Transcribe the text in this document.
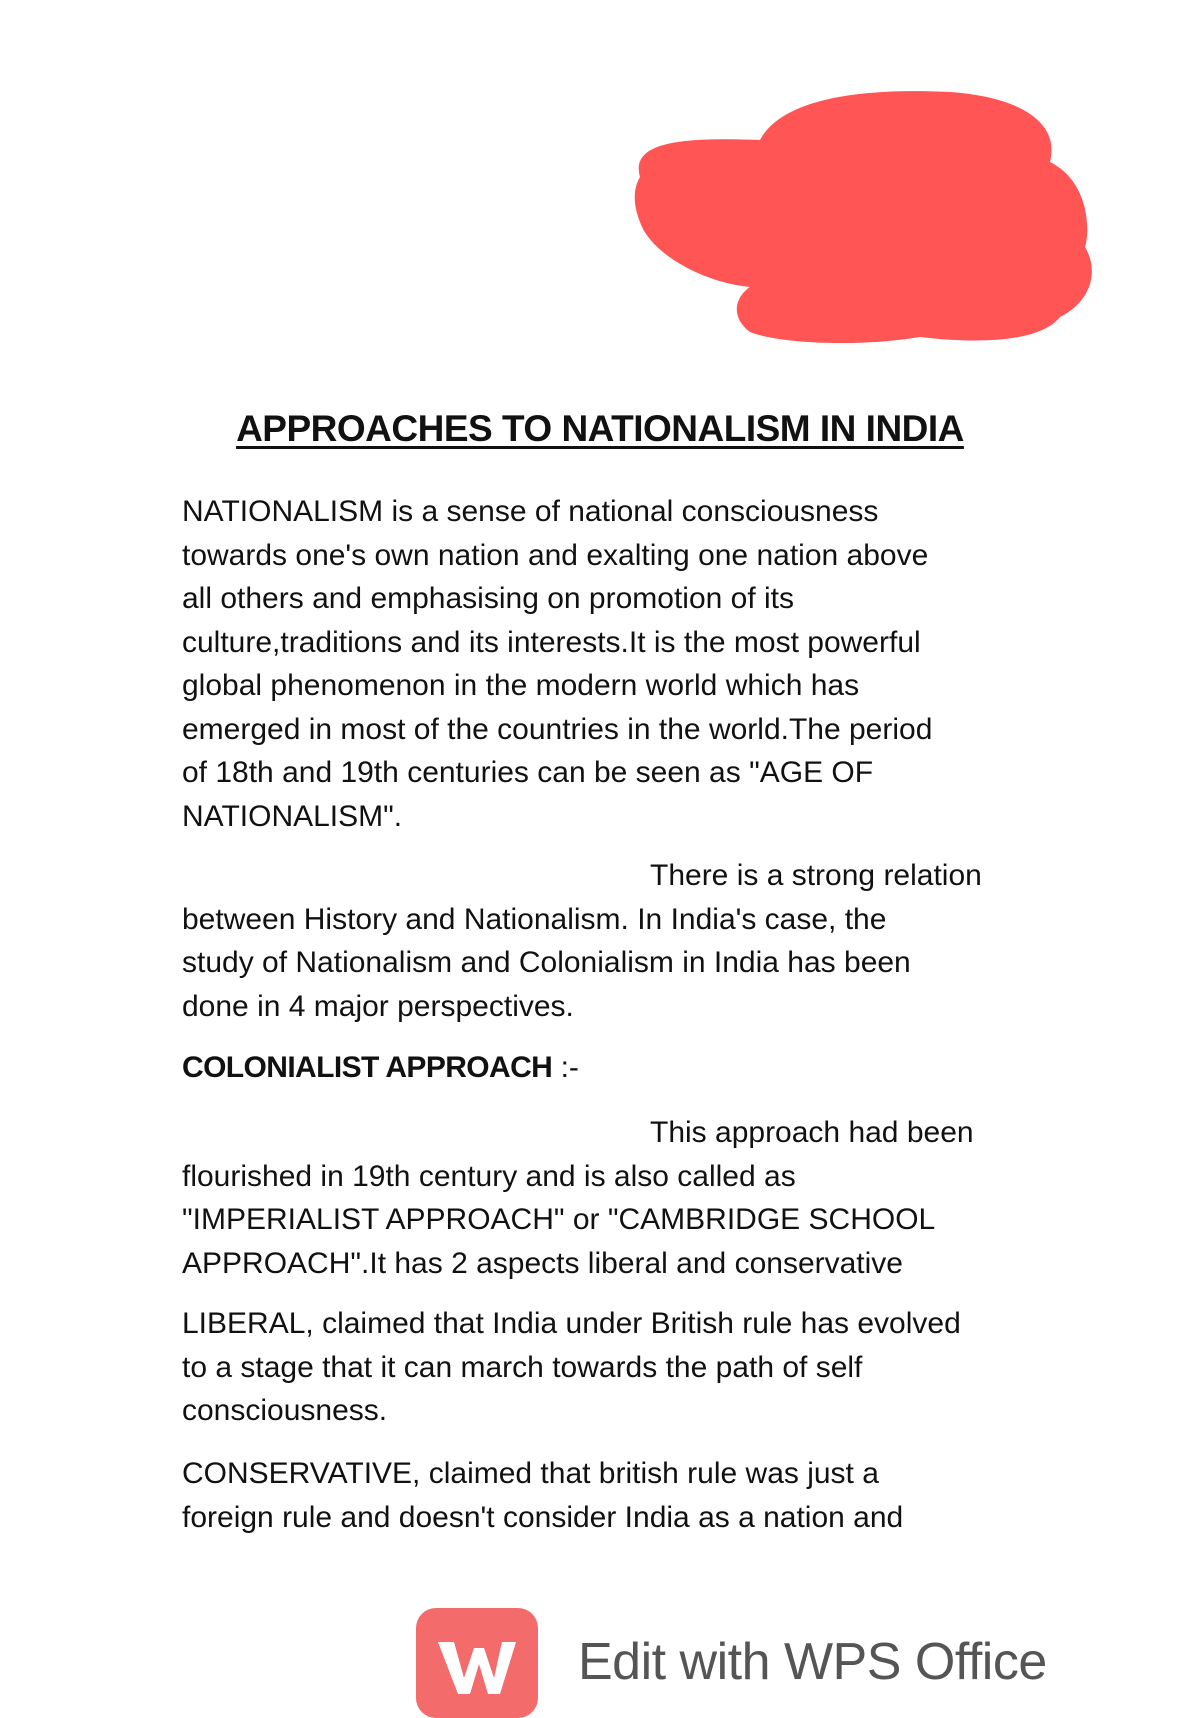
APPROACHES TO NATIONALISM IN INDIA
NATIONALISM is a sense of national consciousness
towards one's own nation and exalting one nation above
all others and emphasising on promotion of its
culture,traditions and its interests.It is the most powerful
global phenomenon in the modern world which has
emerged in most of the countries in the world.The period
of 18th and 19th centuries can be seen as "AGE OF
NATIONALISM".
There is a strong relation
between History and Nationalism. In India's case, the
study of Nationalism and Colonialism in India has been
done in 4 major perspectives.
COLONIALIST APPROACH :-
This approach had been
flourished in 19th century and is also called as
"IMPERIALIST APPROACH" or "CAMBRIDGE SCHOOL
APPROACH".It has 2 aspects liberal and conservative
LIBERAL, claimed that India under British rule has evolved
to a stage that it can march towards the path of self
consciousness.
CONSERVATIVE, claimed that british rule was just a
foreign rule and doesn't consider India as a nation and
Edit with WPS Office
